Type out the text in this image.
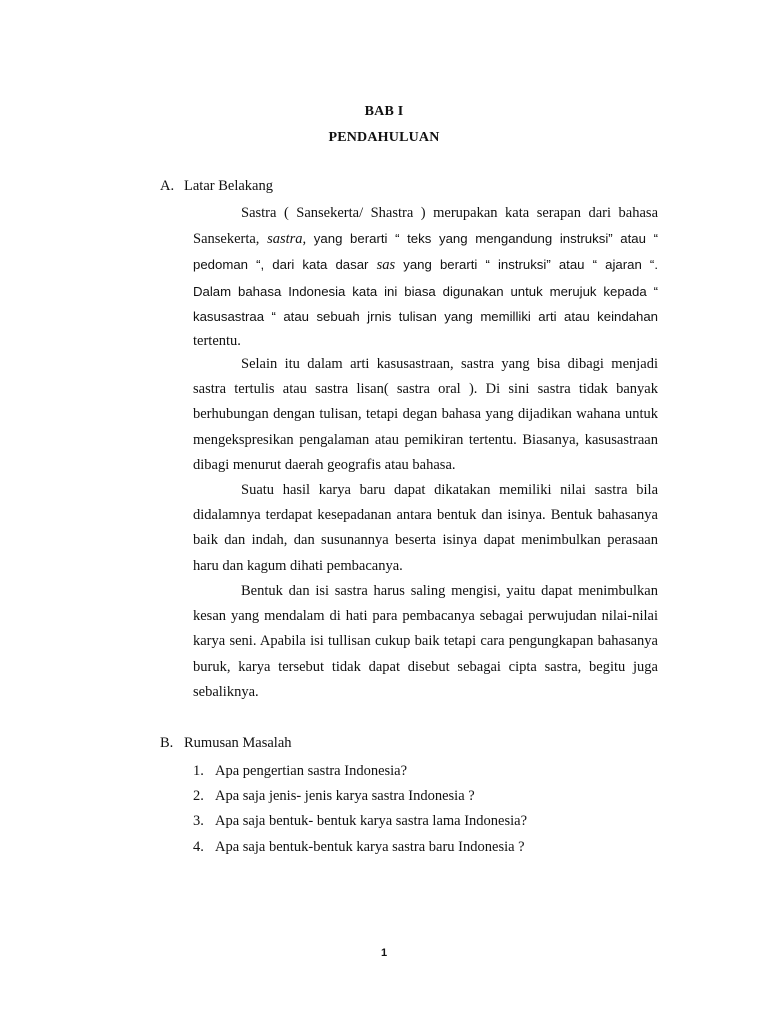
BAB I
PENDAHULUAN
A. Latar Belakang

Sastra ( Sansekerta/ Shastra ) merupakan kata serapan dari bahasa
Sansekerta, sastra, yang berarti “ teks yang mengandung instruksi” atau “
pedoman “, dari kata dasar sas yang berarti “ instruksi” atau “ ajaran “.
Dalam bahasa Indonesia kata ini biasa digunakan untuk merujuk kepada “
kasusastraa “ atau sebuah jrnis tulisan yang memilliki arti atau keindahan
tertentu.

Selain itu dalam arti kasusastraan, sastra yang bisa dibagi menjadi sastra tertulis atau sastra lisan( sastra oral ). Di sini sastra tidak banyak berhubungan dengan tulisan, tetapi degan bahasa yang dijadikan wahana untuk mengekspresikan pengalaman atau pemikiran tertentu. Biasanya, kasusastraan dibagi menurut daerah geografis atau bahasa.

Suatu hasil karya baru dapat dikatakan memiliki nilai sastra bila didalamnya terdapat kesepadanan antara bentuk dan isinya. Bentuk bahasanya baik dan indah, dan susunannya beserta isinya dapat menimbulkan perasaan haru dan kagum dihati pembacanya.

Bentuk dan isi sastra harus saling mengisi, yaitu dapat menimbulkan kesan yang mendalam di hati para pembacanya sebagai perwujudan nilai-nilai karya seni. Apabila isi tullisan cukup baik tetapi cara pengungkapan bahasanya buruk, karya tersebut tidak dapat disebut sebagai cipta sastra, begitu juga sebaliknya.

B. Rumusan Masalah
1. Apa pengertian sastra Indonesia?
2. Apa saja jenis- jenis karya sastra Indonesia ?
3. Apa saja bentuk- bentuk karya sastra lama Indonesia?
4. Apa saja bentuk-bentuk karya sastra baru Indonesia ?
1
